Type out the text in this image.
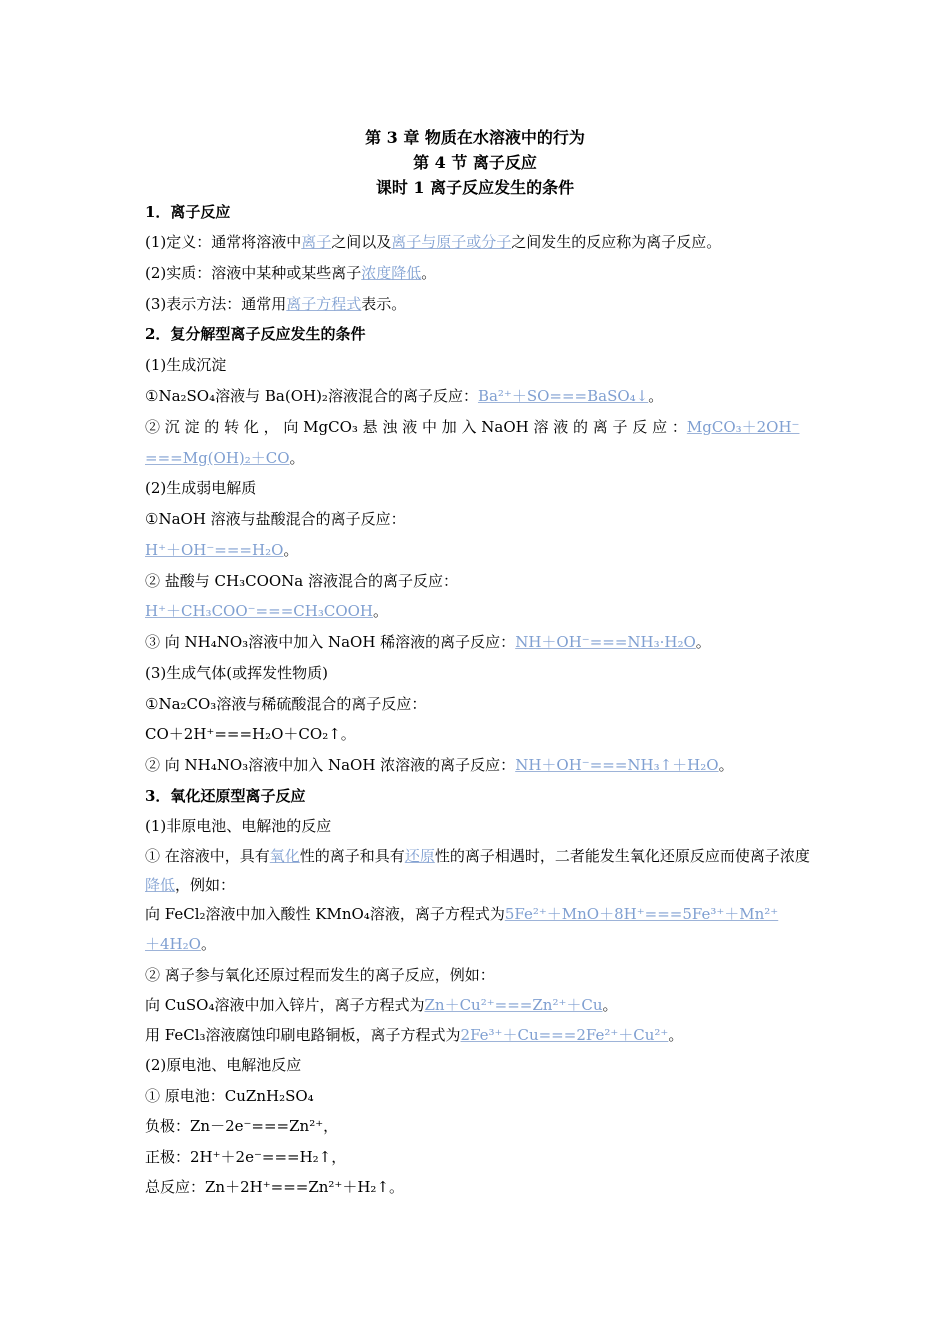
第 3 章 物质在水溶液中的行为
第 4 节 离子反应
课时 1 离子反应发生的条件

1．离子反应

(1)定义：通常将溶液中离子之间以及离子与原子或分子之间发生的反应称为离子反应。

(2)实质：溶液中某种或某些离子浓度降低。

(3)表示方法：通常用离子方程式表示。

2．复分解型离子反应发生的条件

(1)生成沉淀

①Na₂SO₄溶液与 Ba(OH)₂溶液混合的离子反应：Ba²⁺＋SO===BaSO₄↓。

② 沉 淀 的 转 化 ， 向 MgCO₃ 悬 浊 液 中 加 入 NaOH 溶 液 的 离 子 反 应 ：MgCO₃＋2OH⁻

===Mg(OH)₂＋CO。

(2)生成弱电解质

①NaOH 溶液与盐酸混合的离子反应：

H⁺＋OH⁻===H₂O。

② 盐酸与 CH₃COONa 溶液混合的离子反应：

H⁺＋CH₃COO⁻===CH₃COOH。

③ 向 NH₄NO₃溶液中加入 NaOH 稀溶液的离子反应：NH＋OH⁻===NH₃·H₂O。

(3)生成气体(或挥发性物质)

①Na₂CO₃溶液与稀硫酸混合的离子反应：

CO＋2H⁺===H₂O＋CO₂↑。

② 向 NH₄NO₃溶液中加入 NaOH 浓溶液的离子反应：NH＋OH⁻===NH₃↑＋H₂O。

3．氧化还原型离子反应

(1)非原电池、电解池的反应

① 在溶液中，具有氧化性的离子和具有还原性的离子相遇时，二者能发生氧化还原反应而使离子浓度降低，例如：

向 FeCl₂溶液中加入酸性 KMnO₄溶液，离子方程式为5Fe²⁺＋MnO＋8H⁺===5Fe³⁺＋Mn²⁺

＋4H₂O。

② 离子参与氧化还原过程而发生的离子反应，例如：

向 CuSO₄溶液中加入锌片，离子方程式为Zn＋Cu²⁺===Zn²⁺＋Cu。

用 FeCl₃溶液腐蚀印刷电路铜板，离子方程式为2Fe³⁺＋Cu===2Fe²⁺＋Cu²⁺。

(2)原电池、电解池反应

① 原电池：CuZnH₂SO₄

负极：Zn－2e⁻===Zn²⁺，

正极：2H⁺＋2e⁻===H₂↑，

总反应：Zn＋2H⁺===Zn²⁺＋H₂↑。
